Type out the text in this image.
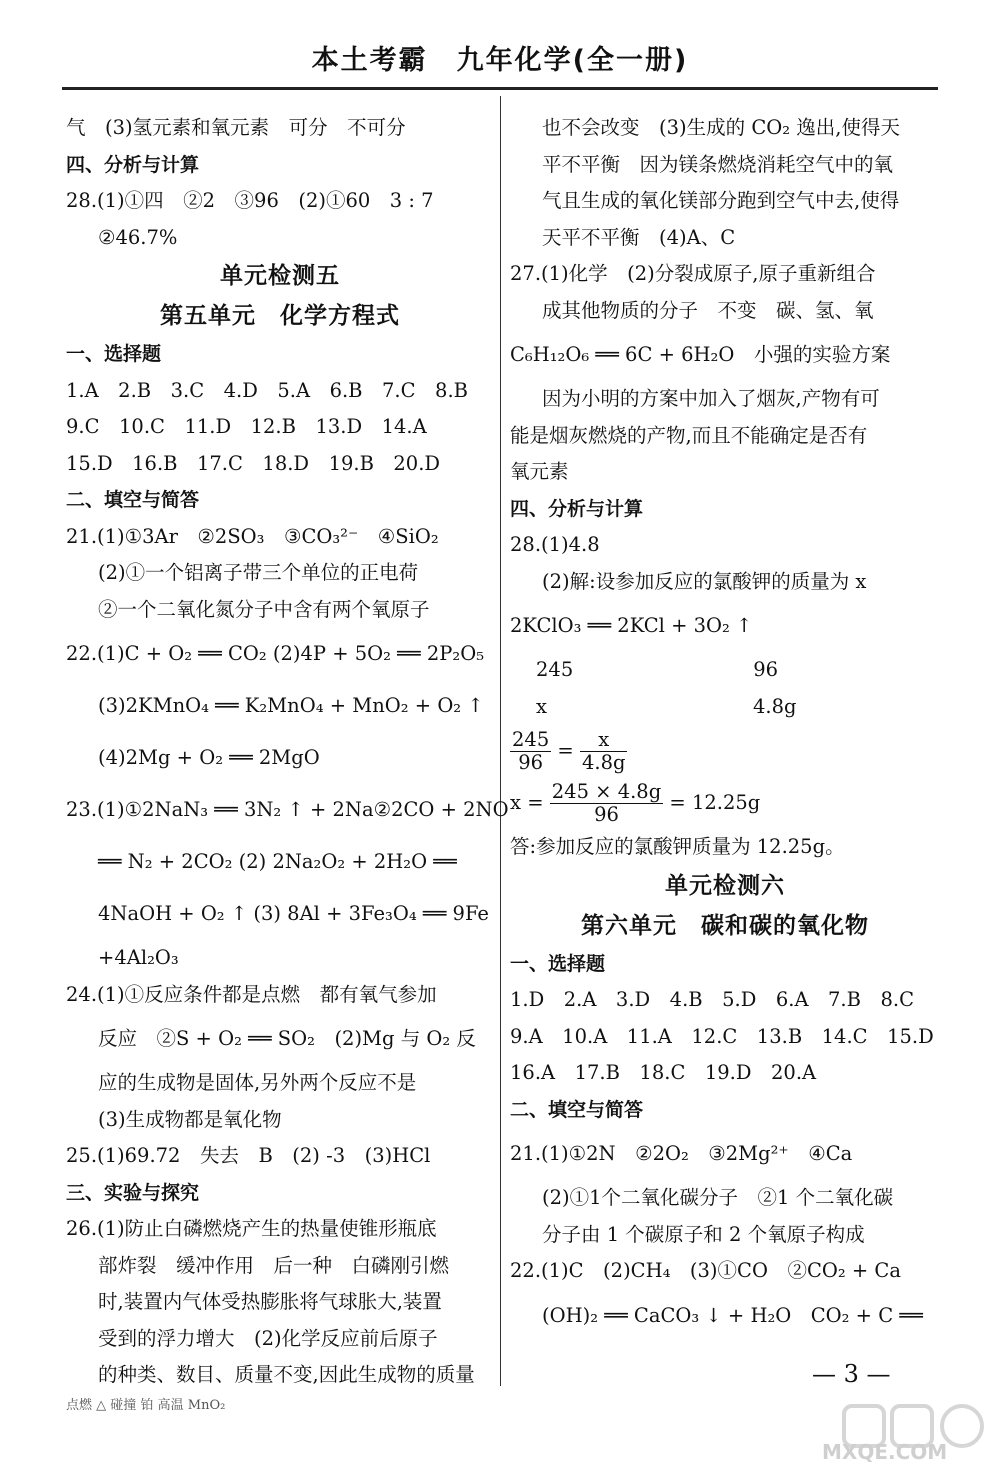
本土考霸　九年化学(全一册)
气　(3)氢元素和氧元素　可分　不可分
四、分析与计算
28.(1)①四　②2　③96　(2)①60　3 : 7
②46.7%
单元检测五
第五单元　化学方程式
一、选择题
1.A　2.B　3.C　4.D　5.A　6.B　7.C　8.B
9.C　10.C　11.D　12.B　13.D　14.A
15.D　16.B　17.C　18.D　19.B　20.D
二、填空与简答
21.(1)①3Ar　②2SO₃　③CO₃²⁻　④SiO₂
(2)①一个铝离子带三个单位的正电荷
②一个二氧化氮分子中含有两个氧原子
22.(1)C + O₂ ══ CO₂ (2)4P + 5O₂ ══ 2P₂O₅
(3)2KMnO₄ ══ K₂MnO₄ + MnO₂ + O₂ ↑
(4)2Mg + O₂ ══ 2MgO
23.(1)①2NaN₃ ══ 3N₂ ↑ + 2Na②2CO + 2NO
══ N₂ + 2CO₂ (2) 2Na₂O₂ + 2H₂O ══
4NaOH + O₂ ↑ (3) 8Al + 3Fe₃O₄ ══ 9Fe
+4Al₂O₃
24.(1)①反应条件都是点燃　都有氧气参加
反应　②S + O₂ ══ SO₂　(2)Mg 与 O₂ 反
应的生成物是固体,另外两个反应不是
(3)生成物都是氧化物
25.(1)69.72　失去　B　(2) -3　(3)HCl
三、实验与探究
26.(1)防止白磷燃烧产生的热量使锥形瓶底
部炸裂　缓冲作用　后一种　白磷刚引燃
时,装置内气体受热膨胀将气球胀大,装置
受到的浮力增大　(2)化学反应前后原子
的种类、数目、质量不变,因此生成物的质量
也不会改变　(3)生成的 CO₂ 逸出,使得天
平不平衡　因为镁条燃烧消耗空气中的氧
气且生成的氧化镁部分跑到空气中去,使得
天平不平衡　(4)A、C
27.(1)化学　(2)分裂成原子,原子重新组合
成其他物质的分子　不变　碳、氢、氧
C₆H₁₂O₆ ══ 6C + 6H₂O　小强的实验方案
因为小明的方案中加入了烟灰,产物有可
能是烟灰燃烧的产物,而且不能确定是否有
氧元素
四、分析与计算
28.(1)4.8
(2)解:设参加反应的氯酸钾的质量为 x
2KClO₃ ══ 2KCl + 3O₂ ↑
245	96
x	4.8g
$\frac{245}{96} = \frac{x}{4.8g}$
$x = \frac{245 \times 4.8g}{96} = 12.25g$
答:参加反应的氯酸钾质量为 12.25g。
单元检测六
第六单元　碳和碳的氧化物
一、选择题
1.D　2.A　3.D　4.B　5.D　6.A　7.B　8.C
9.A　10.A　11.A　12.C　13.B　14.C　15.D
16.A　17.B　18.C　19.D　20.A
二、填空与简答
21.(1)①2N　②2O₂　③2Mg²⁺　④Ca
(2)①1个二氧化碳分子　②1 个二氧化碳
分子由 1 个碳原子和 2 个氧原子构成
22.(1)C　(2)CH₄　(3)①CO　②CO₂ + Ca
(OH)₂ ══ CaCO₃ ↓ + H₂O　CO₂ + C ══
点燃 △ 碰撞 铂 高温 MnO₂
— 3 —
MXQE.COM
